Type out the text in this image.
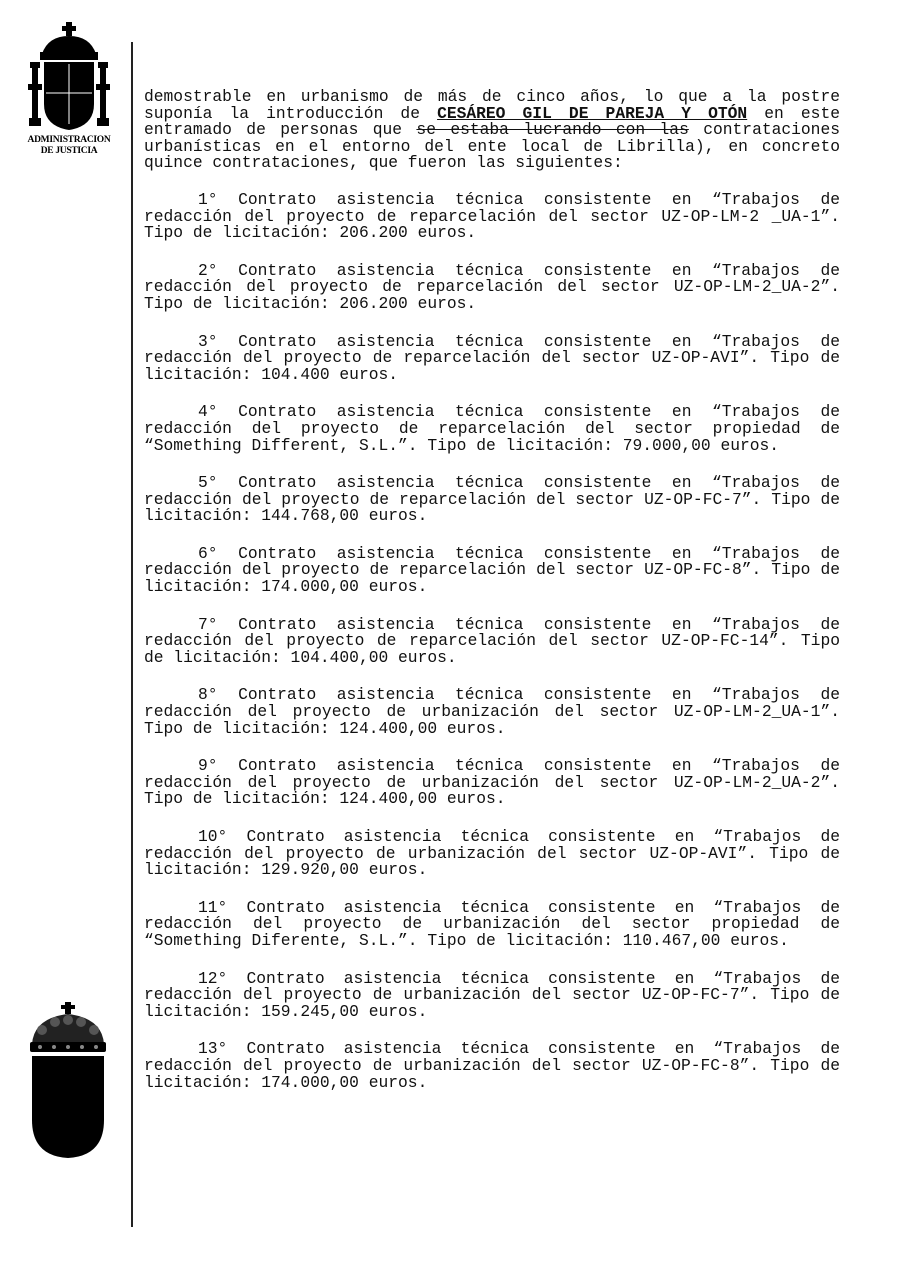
ADMINISTRACION
DE JUSTICIA

demostrable en urbanismo de más de cinco años, lo que a la postre suponía la introducción de CESÁREO GIL DE PAREJA Y OTÓN en este entramado de personas que se estaba lucrando con las contrataciones urbanísticas en el entorno del ente local de Librilla), en concreto quince contrataciones, que fueron las siguientes:

1° Contrato asistencia técnica consistente en “Trabajos de redacción del proyecto de reparcelación del sector UZ-OP-LM-2 _UA-1”. Tipo de licitación: 206.200 euros.

2° Contrato asistencia técnica consistente en “Trabajos de redacción del proyecto de reparcelación del sector UZ-OP-LM-2_UA-2”. Tipo de licitación: 206.200 euros.

3° Contrato asistencia técnica consistente en “Trabajos de redacción del proyecto de reparcelación del sector UZ-OP-AVI”. Tipo de licitación: 104.400 euros.

4° Contrato asistencia técnica consistente en “Trabajos de redacción del proyecto de reparcelación del sector propiedad de “Something Different, S.L.”. Tipo de licitación: 79.000,00 euros.

5° Contrato asistencia técnica consistente en “Trabajos de redacción del proyecto de reparcelación del sector UZ-OP-FC-7”. Tipo de licitación: 144.768,00 euros.

6° Contrato asistencia técnica consistente en “Trabajos de redacción del proyecto de reparcelación del sector UZ-OP-FC-8”. Tipo de licitación: 174.000,00 euros.

7° Contrato asistencia técnica consistente en “Trabajos de redacción del proyecto de reparcelación del sector UZ-OP-FC-14”. Tipo de licitación: 104.400,00 euros.

8° Contrato asistencia técnica consistente en “Trabajos de redacción del proyecto de urbanización del sector UZ-OP-LM-2_UA-1”. Tipo de licitación: 124.400,00 euros.

9° Contrato asistencia técnica consistente en “Trabajos de redacción del proyecto de urbanización del sector UZ-OP-LM-2_UA-2”. Tipo de licitación: 124.400,00 euros.

10° Contrato asistencia técnica consistente en “Trabajos de redacción del proyecto de urbanización del sector UZ-OP-AVI”. Tipo de licitación: 129.920,00 euros.

11° Contrato asistencia técnica consistente en “Trabajos de redacción del proyecto de urbanización del sector propiedad de “Something Diferente, S.L.”. Tipo de licitación: 110.467,00 euros.

12° Contrato asistencia técnica consistente en “Trabajos de redacción del proyecto de urbanización del sector UZ-OP-FC-7”. Tipo de licitación: 159.245,00 euros.

13° Contrato asistencia técnica consistente en “Trabajos de redacción del proyecto de urbanización del sector UZ-OP-FC-8”. Tipo de licitación: 174.000,00 euros.
